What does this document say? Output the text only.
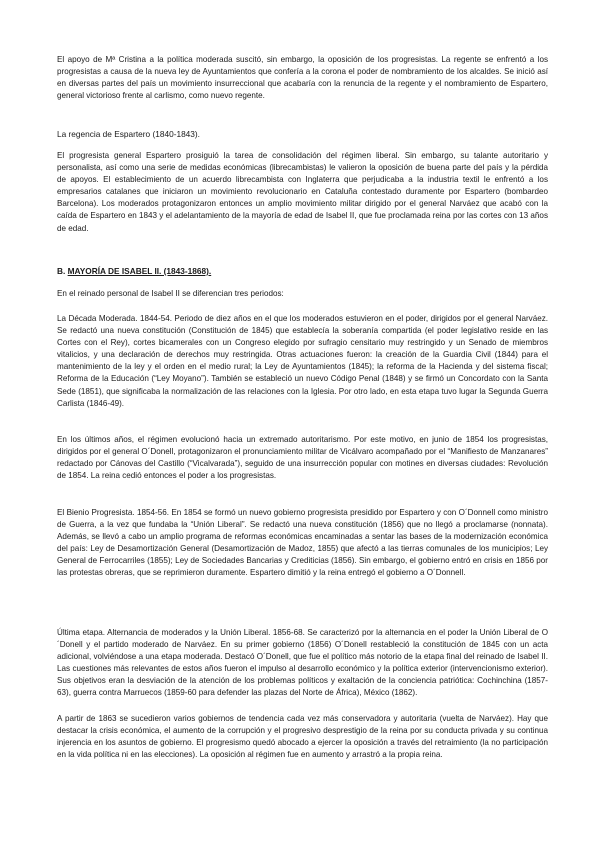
El apoyo de Mª Cristina a la política moderada suscitó, sin embargo, la oposición de los progresistas. La regente se enfrentó a los progresistas a causa de la nueva ley de Ayuntamientos que confería a la corona el poder de nombramiento de los alcaldes. Se inició así en diversas partes del país un movimiento insurreccional que acabaría con la renuncia de la regente y el nombramiento de Espartero, general victorioso frente al carlismo, como nuevo regente.

La regencia de Espartero (1840-1843).

El progresista general Espartero prosiguió la tarea de consolidación del régimen liberal. Sin embargo, su talante autoritario y personalista, así como una serie de medidas económicas (librecambistas) le valieron la oposición de buena parte del país y la pérdida de apoyos. El establecimiento de un acuerdo librecambista con Inglaterra que perjudicaba a la industria textil le enfrentó a los empresarios catalanes que iniciaron un movimiento revolucionario en Cataluña contestado duramente por Espartero (bombardeo Barcelona). Los moderados protagonizaron entonces un amplio movimiento militar dirigido por el general Narváez que acabó con la caída de Espartero en 1843 y el adelantamiento de la mayoría de edad de Isabel II, que fue proclamada reina por las cortes con 13 años de edad.

B. MAYORÍA DE ISABEL II. (1843-1868).

En el reinado personal de Isabel II se diferencian tres periodos:

La Década Moderada. 1844-54. Periodo de diez años en el que los moderados estuvieron en el poder, dirigidos por el general Narváez. Se redactó una nueva constitución (Constitución de 1845) que establecía la soberanía compartida (el poder legislativo reside en las Cortes con el Rey), cortes bicamerales con un Congreso elegido por sufragio censitario muy restringido y un Senado de miembros vitalicios, y una declaración de derechos muy restringida. Otras actuaciones fueron: la creación de la Guardia Civil (1844) para el mantenimiento de la ley y el orden en el medio rural; la Ley de Ayuntamientos (1845); la reforma de la Hacienda y del sistema fiscal; Reforma de la Educación (“Ley Moyano”). También se estableció un nuevo Código Penal (1848) y se firmó un Concordato con la Santa Sede (1851), que significaba la normalización de las relaciones con la Iglesia. Por otro lado, en esta etapa tuvo lugar la Segunda Guerra Carlista (1846-49).

En los últimos años, el régimen evolucionó hacia un extremado autoritarismo. Por este motivo, en junio de 1854 los progresistas, dirigidos por el general O´Donell, protagonizaron el pronunciamiento militar de Vicálvaro acompañado por el “Manifiesto de Manzanares” redactado por Cánovas del Castillo (“Vicalvarada”), seguido de una insurrección popular con motines en diversas ciudades: Revolución de 1854. La reina cedió entonces el poder a los progresistas.

El Bienio Progresista. 1854-56. En 1854 se formó un nuevo gobierno progresista presidido por Espartero y con O´Donnell como ministro de Guerra, a la vez que fundaba la “Unión Liberal”. Se redactó una nueva constitución (1856) que no llegó a proclamarse (nonnata). Además, se llevó a cabo un amplio programa de reformas económicas encaminadas a sentar las bases de la modernización económica del país: Ley de Desamortización General (Desamortización de Madoz, 1855) que afectó a las tierras comunales de los municipios; Ley General de Ferrocarriles (1855); Ley de Sociedades Bancarias y Crediticias (1856). Sin embargo, el gobierno entró en crisis en 1856 por las protestas obreras, que se reprimieron duramente. Espartero dimitió y la reina entregó el gobierno a O´Donnell.

Última etapa. Alternancia de moderados y la Unión Liberal. 1856-68. Se caracterizó por la alternancia en el poder la Unión Liberal de O´Donell y el partido moderado de Narváez. En su primer gobierno (1856) O´Donell restableció la constitución de 1845 con un acta adicional, volviéndose a una etapa moderada. Destacó O´Donell, que fue el político más notorio de la etapa final del reinado de Isabel II. Las cuestiones más relevantes de estos años fueron el impulso al desarrollo económico y la política exterior (intervencionismo exterior). Sus objetivos eran la desviación de la atención de los problemas políticos y exaltación de la conciencia patriótica: Cochinchina (1857-63), guerra contra Marruecos (1859-60 para defender las plazas del Norte de África), México (1862).

A partir de 1863 se sucedieron varios gobiernos de tendencia cada vez más conservadora y autoritaria (vuelta de Narváez). Hay que destacar la crisis económica, el aumento de la corrupción y el progresivo desprestigio de la reina por su conducta privada y su continua injerencia en los asuntos de gobierno. El progresismo quedó abocado a ejercer la oposición a través del retraimiento (la no participación en la vida política ni en las elecciones). La oposición al régimen fue en aumento y arrastró a la propia reina.
